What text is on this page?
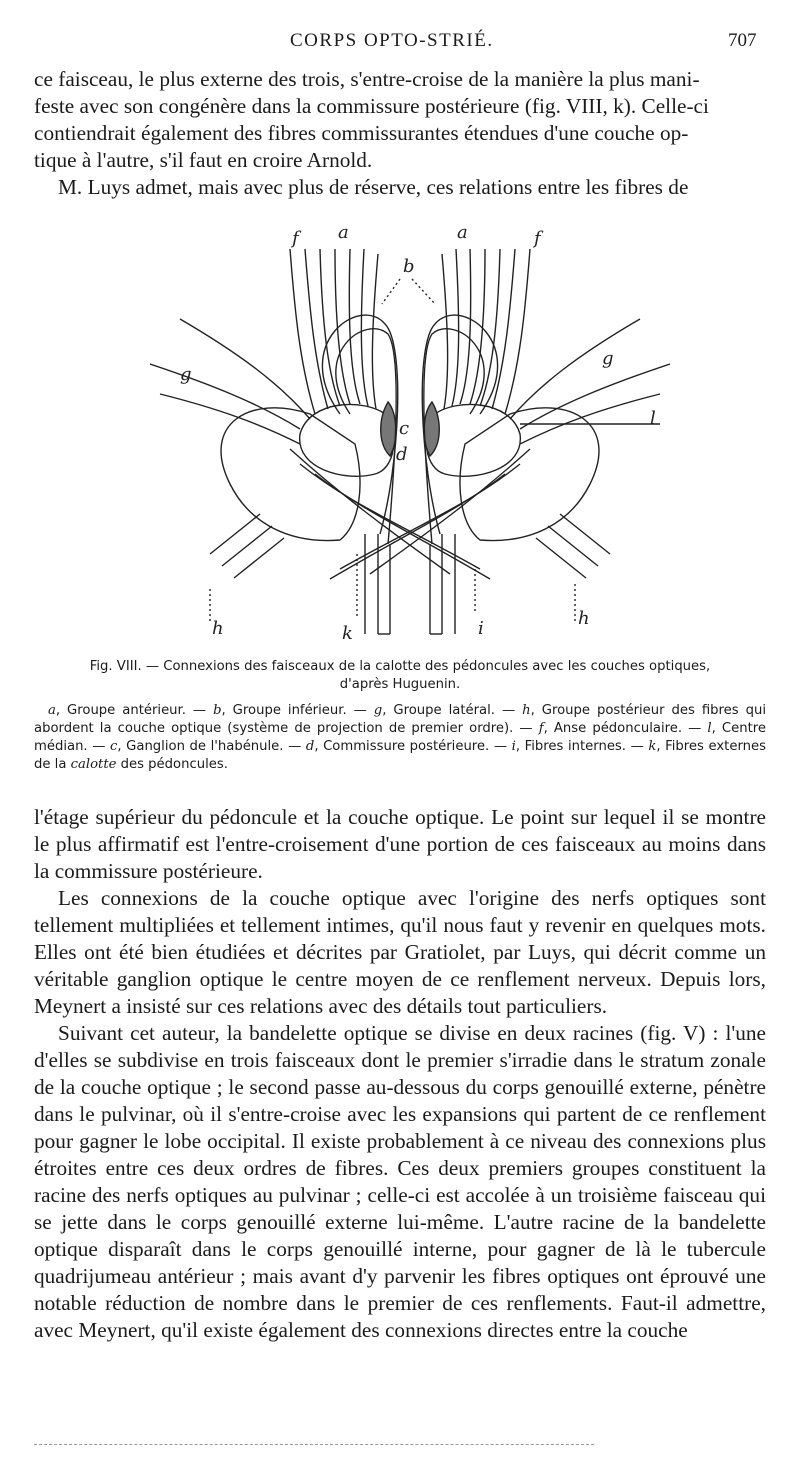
CORPS OPTO-STRIÉ.	707
ce faisceau, le plus externe des trois, s'entre-croise de la manière la plus mani-
feste avec son congénère dans la commissure postérieure (fig. VIII, k). Celle-ci
contiendrait également des fibres commissurantes étendues d'une couche op-
tique à l'autre, s'il faut en croire Arnold.
M. Luys admet, mais avec plus de réserve, ces relations entre les fibres de
f a	a	f
b
g
g
l
c
d
h	h
k	i
Fig. VIII. — Connexions des faisceaux de la calotte des pédoncules avec les couches optiques,
d'après Huguenin.

a, Groupe antérieur. — b, Groupe inférieur. — g, Groupe latéral. — h, Groupe postérieur des fibres qui abordent la couche optique (système de projection de premier ordre). — f, Anse pédonculaire. — l, Centre médian. — c, Ganglion de l'habénule. — d, Commissure postérieure. — i, Fibres internes. — k, Fibres externes de la calotte des pédoncules.

l'étage supérieur du pédoncule et la couche optique. Le point sur lequel il se montre le plus affirmatif est l'entre-croisement d'une portion de ces faisceaux au moins dans la commissure postérieure.

Les connexions de la couche optique avec l'origine des nerfs optiques sont tellement multipliées et tellement intimes, qu'il nous faut y revenir en quelques mots. Elles ont été bien étudiées et décrites par Gratiolet, par Luys, qui décrit comme un véritable ganglion optique le centre moyen de ce renflement nerveux. Depuis lors, Meynert a insisté sur ces relations avec des détails tout particuliers.

Suivant cet auteur, la bandelette optique se divise en deux racines (fig. V) : l'une d'elles se subdivise en trois faisceaux dont le premier s'irradie dans le stratum zonale de la couche optique ; le second passe au-dessous du corps genouillé externe, pénètre dans le pulvinar, où il s'entre-croise avec les expansions qui partent de ce renflement pour gagner le lobe occipital. Il existe probablement à ce niveau des connexions plus étroites entre ces deux ordres de fibres. Ces deux premiers groupes constituent la racine des nerfs optiques au pulvinar ; celle-ci est accolée à un troisième faisceau qui se jette dans le corps genouillé externe lui-même. L'autre racine de la bandelette optique disparaît dans le corps genouillé interne, pour gagner de là le tubercule quadrijumeau antérieur ; mais avant d'y parvenir les fibres optiques ont éprouvé une notable réduction de nombre dans le premier de ces renflements. Faut-il admettre, avec Meynert, qu'il existe également des connexions directes entre la couche
